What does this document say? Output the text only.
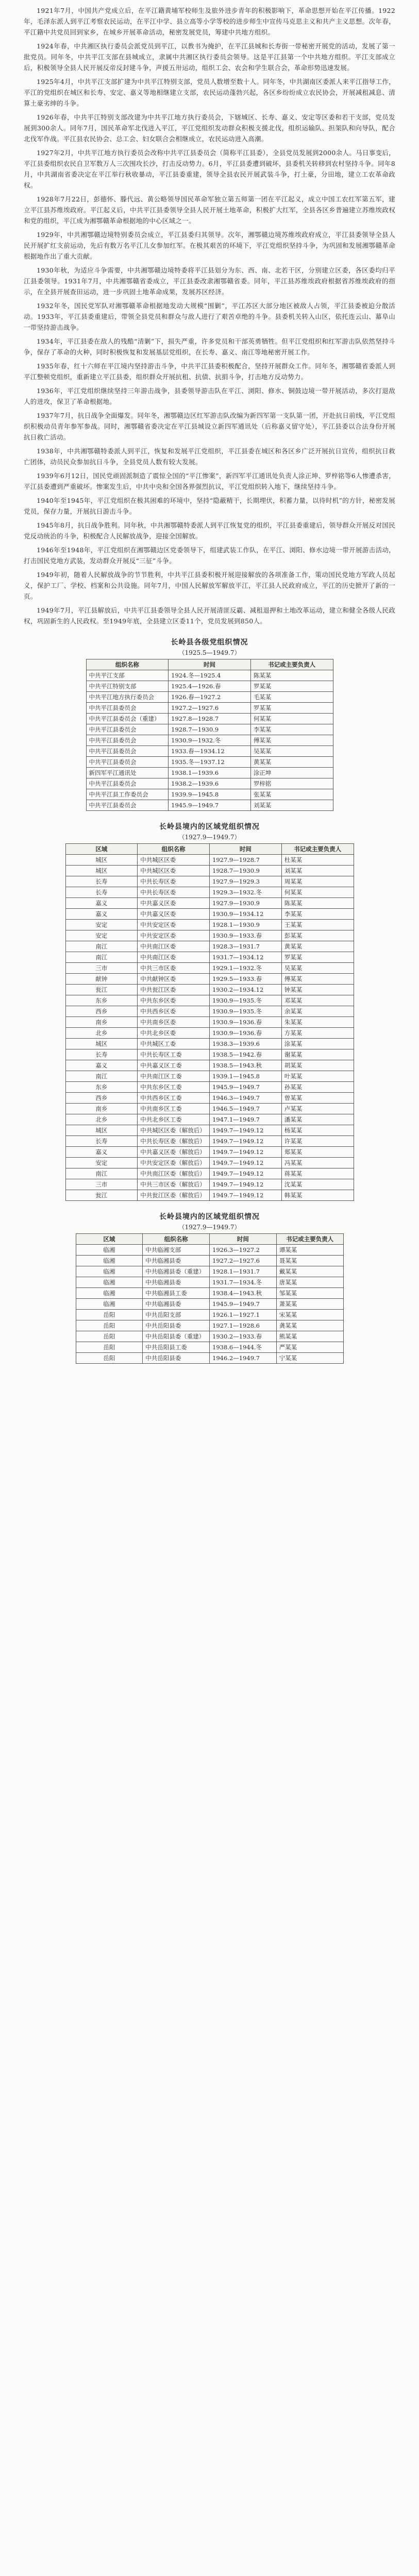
1921年7月，中国共产党成立后，在平江籍黄埔军校师生及旅外进步青年的积极影响下，革命思想开始在平江传播。1922年，毛泽东派人到平江考察农民运动，在平江中学、县立高等小学等校的进步师生中宣传马克思主义和共产主义思想。次年春，平江籍中共党员回到家乡，在城乡开展革命活动，秘密发展党员，筹建中共地方组织。

1924年春，中共湘区执行委员会派党员到平江，以教书为掩护，在平江县城和长寿街一带秘密开展党的活动，发展了第一批党员。同年冬，中共平江支部在县城成立，隶属中共湘区执行委员会领导。这是平江县第一个中共地方组织。平江支部成立后，积极领导全县人民开展反帝反封建斗争，声援五卅运动，组织工会、农会和学生联合会，革命形势迅速发展。

1925年4月，中共平江支部扩建为中共平江特别支部，党员人数增至数十人。同年冬，中共湖南区委派人来平江指导工作，平江的党组织在城区和长寿、安定、嘉义等地相继建立支部，农民运动蓬勃兴起，各区乡纷纷成立农民协会，开展减租减息、清算土豪劣绅的斗争。

1926年春，中共平江特别支部改建为中共平江地方执行委员会，下辖城区、长寿、嘉义、安定等区委和若干支部，党员发展到300余人。同年7月，国民革命军北伐进入平江，平江党组织发动群众积极支援北伐，组织运输队、担架队和向导队，配合北伐军作战。平江县农民协会、总工会、妇女联合会相继成立，农民运动进入高潮。

1927年2月，中共平江地方执行委员会改称中共平江县委员会（简称平江县委），全县党员发展到2000余人。马日事变后，平江县委组织农民自卫军数万人三次围攻长沙，打击反动势力。6月，平江县委遭到破坏，县委机关转移到农村坚持斗争。同年8月，中共湖南省委决定在平江举行秋收暴动，平江县委重建，领导全县农民开展武装斗争，打土豪，分田地，建立工农革命政权。

1928年7月22日，彭德怀、滕代远、黄公略领导国民革命军独立第五师第一团在平江起义，成立中国工农红军第五军，建立平江县苏维埃政府。平江起义后，中共平江县委领导全县人民开展土地革命，积极扩大红军，全县各区乡普遍建立苏维埃政权和党的组织，平江成为湘鄂赣革命根据地的中心区域之一。

1929年，中共湘鄂赣边境特别委员会成立，平江县委归其领导。次年，湘鄂赣边境苏维埃政府成立，平江县委领导全县人民开展扩红支前运动，先后有数万名平江儿女参加红军。在极其艰苦的环境下，平江党组织坚持斗争，为巩固和发展湘鄂赣革命根据地作出了重大贡献。

1930年秋，为适应斗争需要，中共湘鄂赣边境特委将平江县划分为东、西、南、北若干区，分别建立区委，各区委均归平江县委领导。1931年7月，中共湘鄂赣省委成立，平江县委改隶湘鄂赣省委。同年，平江县苏维埃政府根据省苏维埃政府的指示，在全县开展查田运动，进一步巩固土地革命成果，发展苏区经济。

1932年冬，国民党军队对湘鄂赣革命根据地发动大规模“围剿”，平江苏区大部分地区被敌人占领，平江县委被迫分散活动。1933年，平江县委重建后，带领全县党员和群众与敌人进行了艰苦卓绝的斗争。县委机关转入山区，依托连云山、幕阜山一带坚持游击战争。

1934年，平江县委在敌人的残酷“清剿”下，损失严重，许多党员和干部英勇牺牲。但平江党组织和红军游击队依然坚持斗争，保存了革命的火种，同时积极恢复和发展基层党组织，在长寿、嘉义、南江等地秘密开展工作。

1935年春，红十六师在平江境内坚持游击斗争，中共平江县委积极配合，坚持开展群众工作。同年冬，湘鄂赣省委派人到平江整顿党组织，重新建立平江县委，组织群众开展抗租、抗债、抗捐斗争，打击地方反动势力。

1936年，平江党组织继续坚持三年游击战争，县委领导游击队在平江、浏阳、修水、铜鼓边境一带开展活动，多次打退敌人的进攻，保卫了革命根据地。

1937年7月，抗日战争全面爆发。同年冬，湘鄂赣边区红军游击队改编为新四军第一支队第一团，开赴抗日前线，平江党组织积极动员青年参军参战。同时，湘鄂赣省委决定在平江县城设立新四军通讯处（后称嘉义留守处），平江县委以合法身份开展抗日救亡活动。

1938年，中共湘鄂赣特委派人到平江，恢复和发展平江党组织，平江县委在城区和各区乡广泛开展抗日宣传，组织抗日救亡团体，动员民众参加抗日斗争，全县党员人数有较大发展。

1939年6月12日，国民党顽固派制造了震惊全国的“平江惨案”，新四军平江通讯处负责人涂正坤、罗梓铭等6人惨遭杀害，平江县委遭到严重破坏。惨案发生后，中共中央和全国各界强烈抗议，平江党组织转入地下，继续坚持斗争。

1940年至1945年，平江党组织在极其困难的环境中，坚持“隐蔽精干，长期埋伏，积蓄力量，以待时机”的方针，秘密发展党员，保存力量，开展抗日游击斗争。

1945年8月，抗日战争胜利。同年秋，中共湘鄂赣特委派人到平江恢复党的组织，平江县委重建后，领导群众开展反对国民党反动统治的斗争，积极配合人民解放战争，迎接全国解放。

1946年至1948年，平江党组织在湘鄂赣边区党委领导下，组建武装工作队，在平江、浏阳、修水边境一带开展游击活动，打击国民党地方武装，发动群众开展反“三征”斗争。

1949年初，随着人民解放战争的节节胜利，中共平江县委积极开展迎接解放的各项准备工作，策动国民党地方军政人员起义，保护工厂、学校、档案和公共设施。同年7月，中国人民解放军解放平江，平江县人民政府成立，平江的历史掀开了新的一页。

1949年7月，平江县解放后，中共平江县委领导全县人民开展清匪反霸、减租退押和土地改革运动，建立和健全各级人民政权，巩固新生的人民政权。至1949年底，全县建立区委11个，党员发展到850人。

长岭县各级党组织情况
（1925.5—1949.7）
组织名称	时间	书记或主要负责人
中共平江支部	1924.冬—1925.4	陈某某
中共平江特别支部	1925.4—1926.春	罗某某
中共平江地方执行委员会	1926.春—1927.2	毛某某
中共平江县委员会	1927.2—1927.6	罗某某
中共平江县委员会（重建）	1927.8—1928.7	何某某
中共平江县委员会	1928.7—1930.9	李某某
中共平江县委员会	1930.9—1932.冬	傅某某
中共平江县委员会	1933.春—1934.12	吴某某
中共平江县委员会	1935.冬—1937.12	黄某某
新四军平江通讯处	1938.1—1939.6	涂正坤
中共平江县委员会	1938.2—1939.6	罗梓铭
中共平江县工作委员会	1939.9—1945.8	张某某
中共平江县委员会	1945.9—1949.7	刘某某
长岭县境内的区域党组织情况
（1927.9—1949.7）
区域	组织名称	时间	书记或主要负责人
城区	中共城区区委	1927.9—1928.7	杜某某
城区	中共城区区委	1928.7—1930.9	刘某某
长寿	中共长寿区委	1927.9—1929.3	周某某
长寿	中共长寿区委	1929.3—1932.冬	何某某
嘉义	中共嘉义区委	1927.9—1930.9	陈某某
嘉义	中共嘉义区委	1930.9—1934.12	李某某
安定	中共安定区委	1928.1—1930.9	王某某
安定	中共安定区委	1930.9—1933.春	彭某某
南江	中共南江区委	1928.3—1931.7	黄某某
南江	中共南江区委	1931.7—1934.12	罗某某
三市	中共三市区委	1929.1—1932.冬	吴某某
献钟	中共献钟区委	1929.5—1933.春	傅某某
瓮江	中共瓮江区委	1930.2—1934.12	钟某某
东乡	中共东乡区委	1930.9—1935.冬	邓某某
西乡	中共西乡区委	1930.9—1935.冬	余某某
南乡	中共南乡区委	1930.9—1936.春	朱某某
北乡	中共北乡区委	1930.9—1936.春	方某某
城区	中共城区工委	1938.3—1939.6	涂某某
长寿	中共长寿区工委	1938.5—1942.春	谢某某
嘉义	中共嘉义区工委	1938.5—1943.秋	胡某某
南江	中共南江区工委	1939.1—1945.8	叶某某
东乡	中共东乡区工委	1945.9—1949.7	孙某某
西乡	中共西乡区工委	1946.3—1949.7	曾某某
南乡	中共南乡区工委	1946.5—1949.7	卢某某
北乡	中共北乡区工委	1947.1—1949.7	潘某某
城区	中共城区区委（解放后）	1949.7—1949.12	杨某某
长寿	中共长寿区委（解放后）	1949.7—1949.12	许某某
嘉义	中共嘉义区委（解放后）	1949.7—1949.12	郑某某
安定	中共安定区委（解放后）	1949.7—1949.12	冯某某
南江	中共南江区委（解放后）	1949.7—1949.12	蒋某某
三市	中共三市区委（解放后）	1949.7—1949.12	沈某某
瓮江	中共瓮江区委（解放后）	1949.7—1949.12	韩某某
长岭县境内的区域党组织情况
（1927.9—1949.7）
区域	组织名称	时间	书记或主要负责人
临湘	中共临湘支部	1926.3—1927.2	谭某某
临湘	中共临湘县委	1927.2—1927.6	聂某某
临湘	中共临湘县委（重建）	1928.1—1931.7	戴某某
临湘	中共临湘县委	1931.7—1934.冬	唐某某
临湘	中共临湘县工委	1938.4—1943.秋	邹某某
临湘	中共临湘县委	1945.9—1949.7	萧某某
岳阳	中共岳阳支部	1926.1—1927.1	宋某某
岳阳	中共岳阳县委	1927.1—1928.6	龚某某
岳阳	中共岳阳县委（重建）	1930.2—1933.春	熊某某
岳阳	中共岳阳县工委	1938.6—1944.冬	严某某
岳阳	中共岳阳县委	1946.2—1949.7	宁某某
